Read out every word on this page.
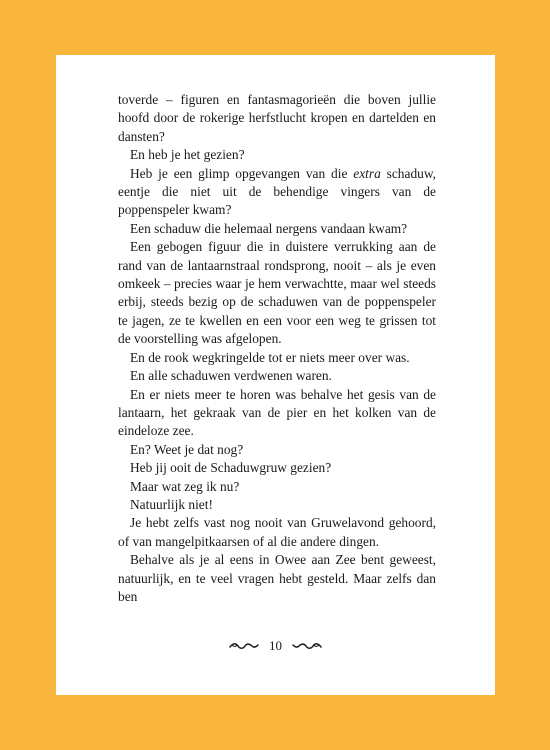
toverde – figuren en fantasmagorieën die boven jullie hoofd door de rokerige herfstlucht kropen en dartelden en dansten?

En heb je het gezien?

Heb je een glimp opgevangen van die extra schaduw, eentje die niet uit de behendige vingers van de poppenspeler kwam?

Een schaduw die helemaal nergens vandaan kwam?

Een gebogen figuur die in duistere verrukking aan de rand van de lantaarnstraal rondsprong, nooit – als je even omkeek – precies waar je hem verwachtte, maar wel steeds erbij, steeds bezig op de schaduwen van de poppenspeler te jagen, ze te kwellen en een voor een weg te grissen tot de voorstelling was afgelopen.

En de rook wegkringelde tot er niets meer over was.

En alle schaduwen verdwenen waren.

En er niets meer te horen was behalve het gesis van de lantaarn, het gekraak van de pier en het kolken van de eindeloze zee.

En? Weet je dat nog?

Heb jij ooit de Schaduwgruw gezien?

Maar wat zeg ik nu?

Natuurlijk niet!

Je hebt zelfs vast nog nooit van Gruwelavond gehoord, of van mangelpitkaarsen of al die andere dingen.

Behalve als je al eens in Owee aan Zee bent geweest, natuurlijk, en te veel vragen hebt gesteld. Maar zelfs dan ben

10
